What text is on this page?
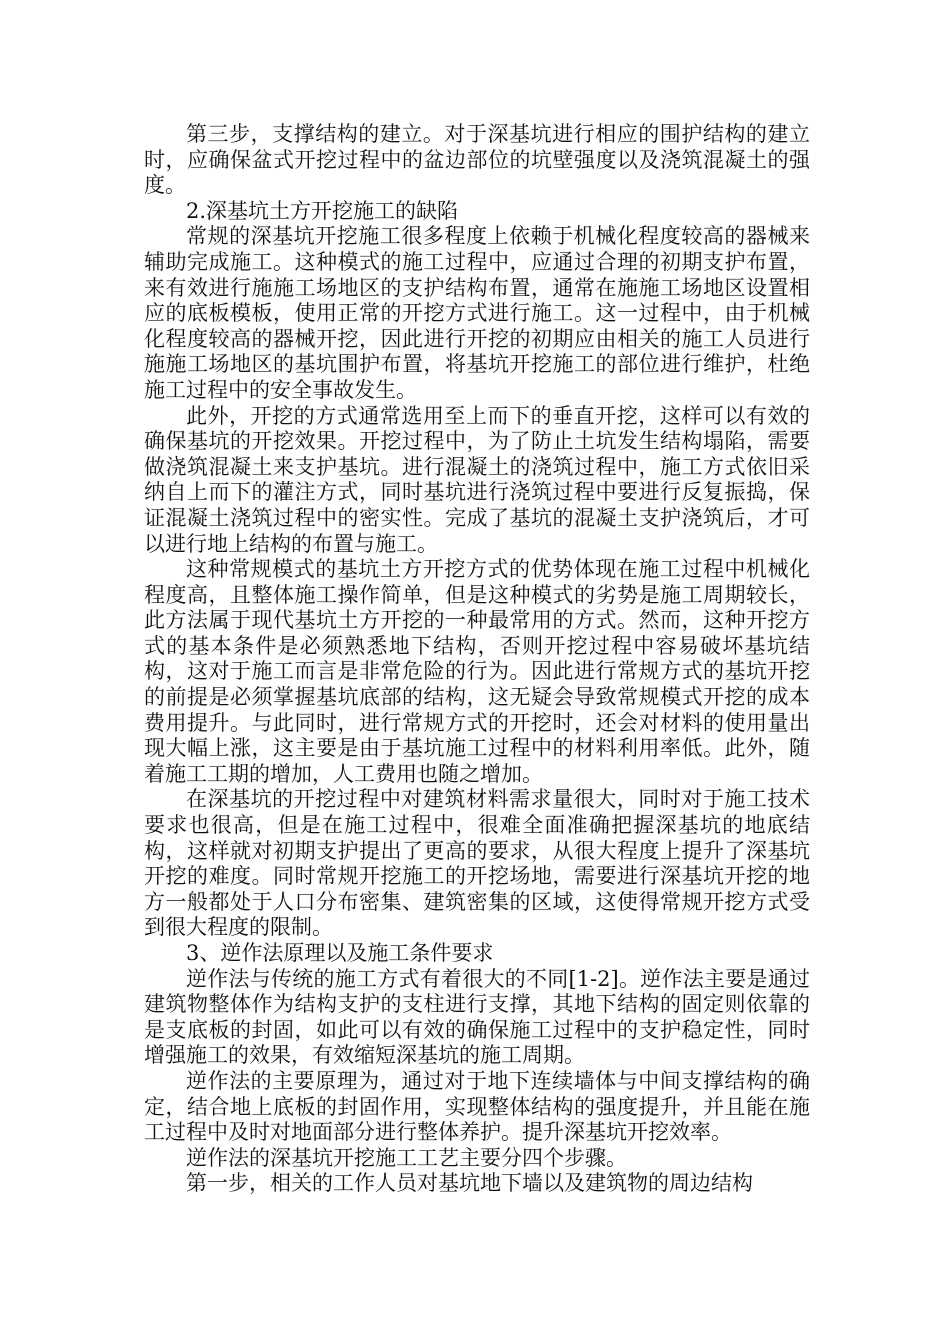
第三步，支撑结构的建立。对于深基坑进行相应的围护结构的建立时，应确保盆式开挖过程中的盆边部位的坑壁强度以及浇筑混凝土的强度。

2.深基坑土方开挖施工的缺陷

常规的深基坑开挖施工很多程度上依赖于机械化程度较高的器械来辅助完成施工。这种模式的施工过程中，应通过合理的初期支护布置，来有效进行施施工场地区的支护结构布置，通常在施施工场地区设置相应的底板模板，使用正常的开挖方式进行施工。这一过程中，由于机械化程度较高的器械开挖，因此进行开挖的初期应由相关的施工人员进行施施工场地区的基坑围护布置，将基坑开挖施工的部位进行维护，杜绝施工过程中的安全事故发生。

此外，开挖的方式通常选用至上而下的垂直开挖，这样可以有效的确保基坑的开挖效果。开挖过程中，为了防止土坑发生结构塌陷，需要做浇筑混凝土来支护基坑。进行混凝土的浇筑过程中，施工方式依旧采纳自上而下的灌注方式，同时基坑进行浇筑过程中要进行反复振捣，保证混凝土浇筑过程中的密实性。完成了基坑的混凝土支护浇筑后，才可以进行地上结构的布置与施工。

这种常规模式的基坑土方开挖方式的优势体现在施工过程中机械化程度高，且整体施工操作简单，但是这种模式的劣势是施工周期较长，此方法属于现代基坑土方开挖的一种最常用的方式。然而，这种开挖方式的基本条件是必须熟悉地下结构，否则开挖过程中容易破坏基坑结构，这对于施工而言是非常危险的行为。因此进行常规方式的基坑开挖的前提是必须掌握基坑底部的结构，这无疑会导致常规模式开挖的成本费用提升。与此同时，进行常规方式的开挖时，还会对材料的使用量出现大幅上涨，这主要是由于基坑施工过程中的材料利用率低。此外，随着施工工期的增加，人工费用也随之增加。

在深基坑的开挖过程中对建筑材料需求量很大，同时对于施工技术要求也很高，但是在施工过程中，很难全面准确把握深基坑的地底结构，这样就对初期支护提出了更高的要求，从很大程度上提升了深基坑开挖的难度。同时常规开挖施工的开挖场地，需要进行深基坑开挖的地方一般都处于人口分布密集、建筑密集的区域，这使得常规开挖方式受到很大程度的限制。

3、逆作法原理以及施工条件要求

逆作法与传统的施工方式有着很大的不同[1-2]。逆作法主要是通过建筑物整体作为结构支护的支柱进行支撑，其地下结构的固定则依靠的是支底板的封固，如此可以有效的确保施工过程中的支护稳定性，同时增强施工的效果，有效缩短深基坑的施工周期。

逆作法的主要原理为，通过对于地下连续墙体与中间支撑结构的确定，结合地上底板的封固作用，实现整体结构的强度提升，并且能在施工过程中及时对地面部分进行整体养护。提升深基坑开挖效率。

逆作法的深基坑开挖施工工艺主要分四个步骤。

第一步，相关的工作人员对基坑地下墙以及建筑物的周边结构
